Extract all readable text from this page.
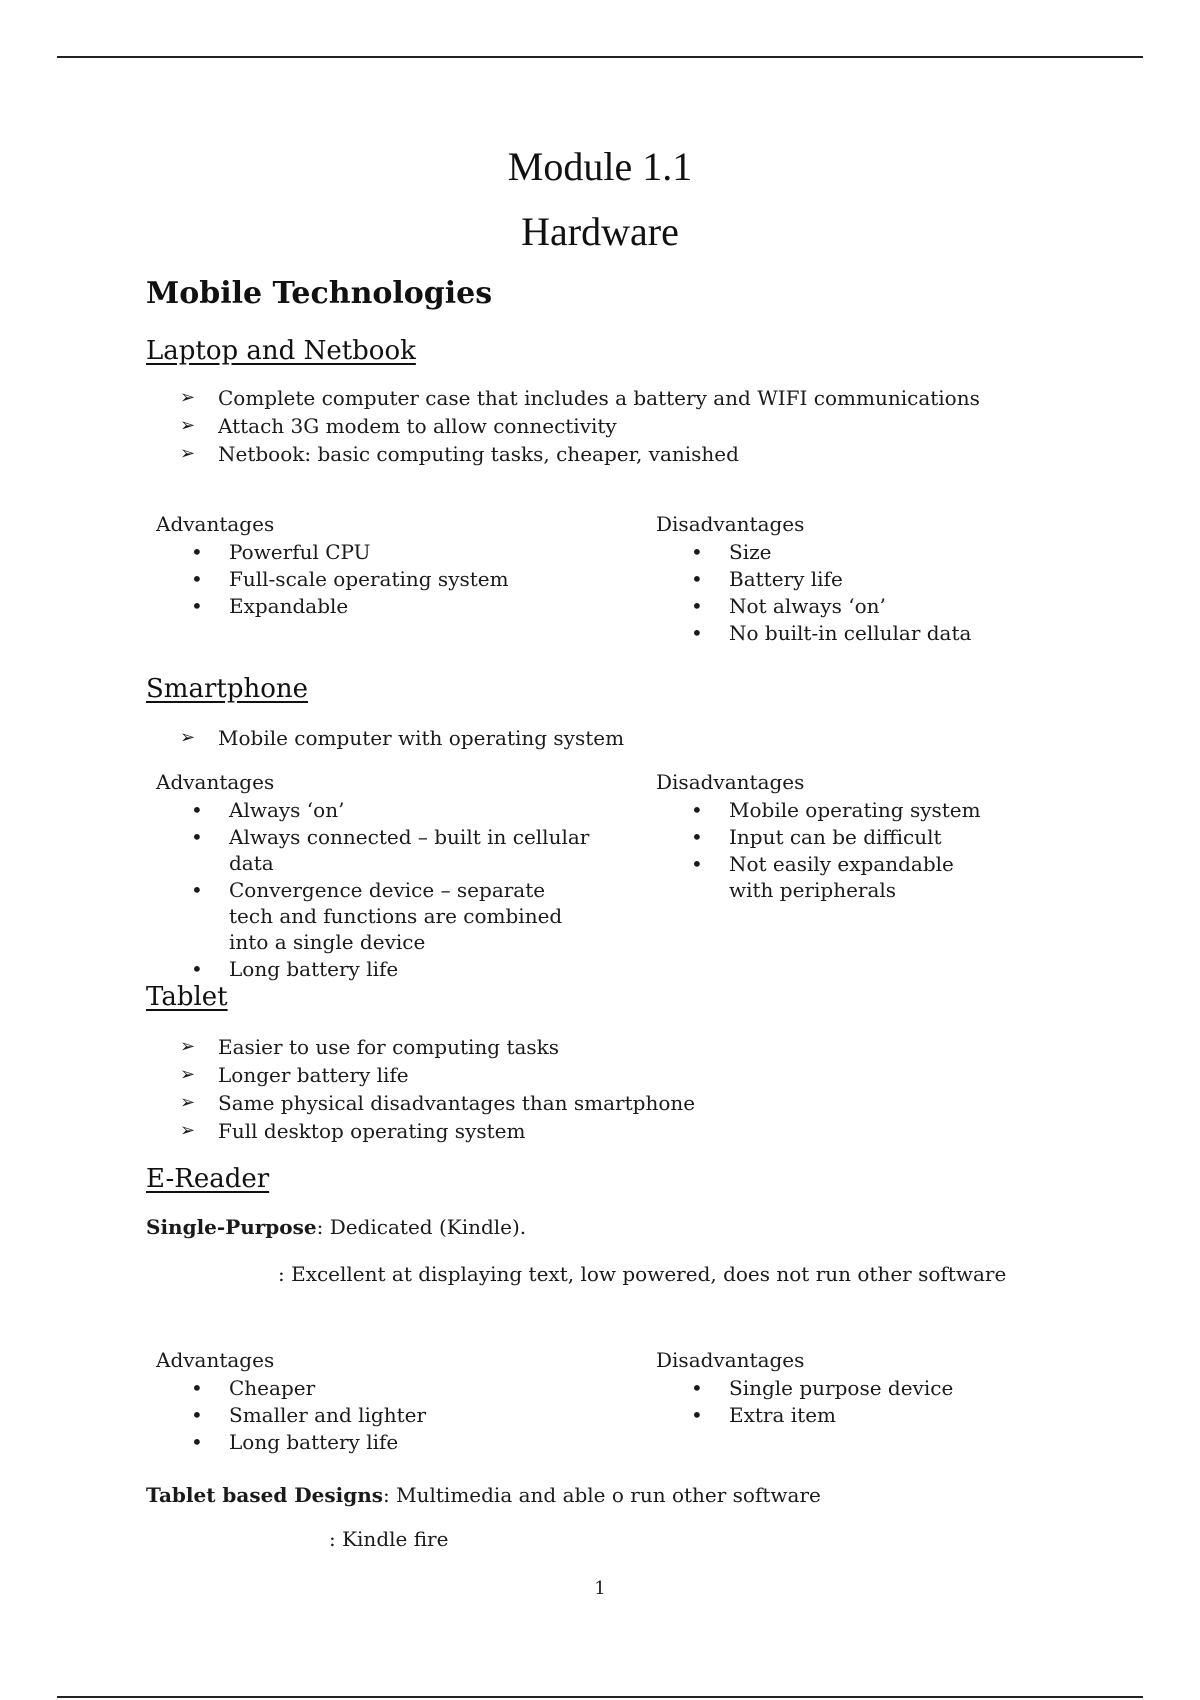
Module 1.1
Hardware
Mobile Technologies
Laptop and Netbook
➢ Complete computer case that includes a battery and WIFI communications
➢ Attach 3G modem to allow connectivity
➢ Netbook: basic computing tasks, cheaper, vanished
Advantages
• Powerful CPU
• Full-scale operating system
• Expandable
Disadvantages
• Size
• Battery life
• Not always ‘on’
• No built-in cellular data
Smartphone
➢ Mobile computer with operating system
Advantages
• Always ‘on’
• Always connected – built in cellular data
• Convergence device – separate tech and functions are combined into a single device
• Long battery life
Disadvantages
• Mobile operating system
• Input can be difficult
• Not easily expandable with peripherals
Tablet
➢ Easier to use for computing tasks
➢ Longer battery life
➢ Same physical disadvantages than smartphone
➢ Full desktop operating system
E-Reader
Single-Purpose: Dedicated (Kindle).
: Excellent at displaying text, low powered, does not run other software
Advantages
• Cheaper
• Smaller and lighter
• Long battery life
Disadvantages
• Single purpose device
• Extra item
Tablet based Designs: Multimedia and able o run other software
: Kindle fire
1
